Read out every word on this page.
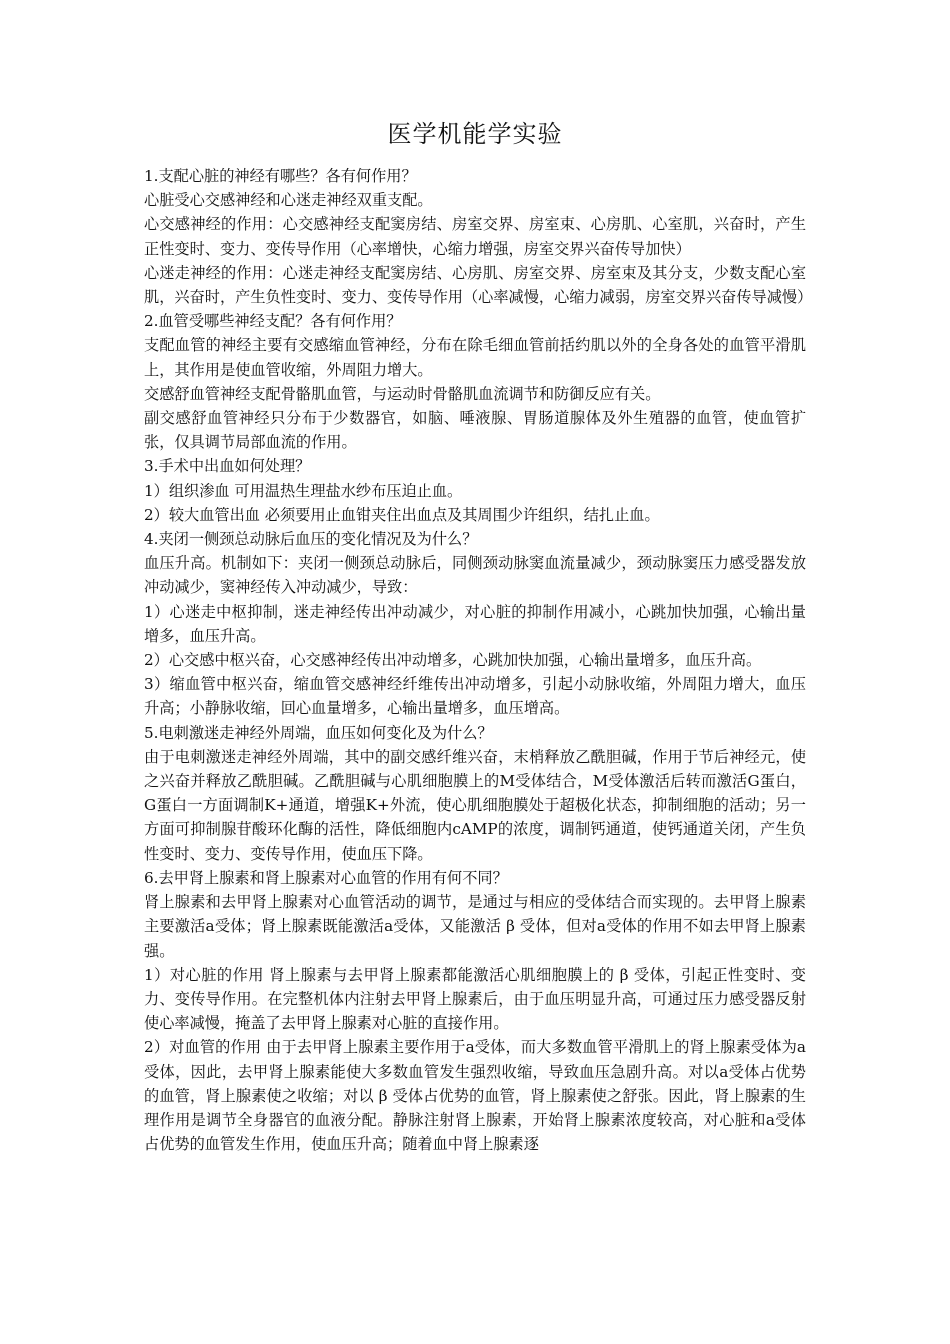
医学机能学实验

1.支配心脏的神经有哪些？各有何作用？

心脏受心交感神经和心迷走神经双重支配。

心交感神经的作用：心交感神经支配窦房结、房室交界、房室束、心房肌、心室肌，兴奋时，产生正性变时、变力、变传导作用（心率增快，心缩力增强，房室交界兴奋传导加快）

心迷走神经的作用：心迷走神经支配窦房结、心房肌、房室交界、房室束及其分支，少数支配心室肌，兴奋时，产生负性变时、变力、变传导作用（心率减慢，心缩力减弱，房室交界兴奋传导减慢）

2.血管受哪些神经支配？各有何作用？

支配血管的神经主要有交感缩血管神经，分布在除毛细血管前括约肌以外的全身各处的血管平滑肌上，其作用是使血管收缩，外周阻力增大。

交感舒血管神经支配骨骼肌血管，与运动时骨骼肌血流调节和防御反应有关。

副交感舒血管神经只分布于少数器官，如脑、唾液腺、胃肠道腺体及外生殖器的血管，使血管扩张，仅具调节局部血流的作用。

3.手术中出血如何处理？

1）组织渗血 可用温热生理盐水纱布压迫止血。

2）较大血管出血 必须要用止血钳夹住出血点及其周围少许组织，结扎止血。

4.夹闭一侧颈总动脉后血压的变化情况及为什么？

血压升高。机制如下：夹闭一侧颈总动脉后，同侧颈动脉窦血流量减少，颈动脉窦压力感受器发放冲动减少，窦神经传入冲动减少，导致：

1）心迷走中枢抑制，迷走神经传出冲动减少，对心脏的抑制作用减小，心跳加快加强，心输出量增多，血压升高。

2）心交感中枢兴奋，心交感神经传出冲动增多，心跳加快加强，心输出量增多，血压升高。

3）缩血管中枢兴奋，缩血管交感神经纤维传出冲动增多，引起小动脉收缩，外周阻力增大，血压升高；小静脉收缩，回心血量增多，心输出量增多，血压增高。

5.电刺激迷走神经外周端，血压如何变化及为什么？

由于电刺激迷走神经外周端，其中的副交感纤维兴奋，末梢释放乙酰胆碱，作用于节后神经元，使之兴奋并释放乙酰胆碱。乙酰胆碱与心肌细胞膜上的M受体结合，M受体激活后转而激活G蛋白，G蛋白一方面调制K+通道，增强K+外流，使心肌细胞膜处于超极化状态，抑制细胞的活动；另一方面可抑制腺苷酸环化酶的活性，降低细胞内cAMP的浓度，调制钙通道，使钙通道关闭，产生负性变时、变力、变传导作用，使血压下降。

6.去甲肾上腺素和肾上腺素对心血管的作用有何不同？

肾上腺素和去甲肾上腺素对心血管活动的调节，是通过与相应的受体结合而实现的。去甲肾上腺素主要激活a受体；肾上腺素既能激活a受体，又能激活 β 受体，但对a受体的作用不如去甲肾上腺素强。

1）对心脏的作用 肾上腺素与去甲肾上腺素都能激活心肌细胞膜上的 β 受体，引起正性变时、变力、变传导作用。在完整机体内注射去甲肾上腺素后，由于血压明显升高，可通过压力感受器反射使心率减慢，掩盖了去甲肾上腺素对心脏的直接作用。

2）对血管的作用 由于去甲肾上腺素主要作用于a受体，而大多数血管平滑肌上的肾上腺素受体为a受体，因此，去甲肾上腺素能使大多数血管发生强烈收缩，导致血压急剧升高。对以a受体占优势的血管，肾上腺素使之收缩；对以 β 受体占优势的血管，肾上腺素使之舒张。因此，肾上腺素的生理作用是调节全身器官的血液分配。静脉注射肾上腺素，开始肾上腺素浓度较高，对心脏和a受体占优势的血管发生作用，使血压升高；随着血中肾上腺素逐
